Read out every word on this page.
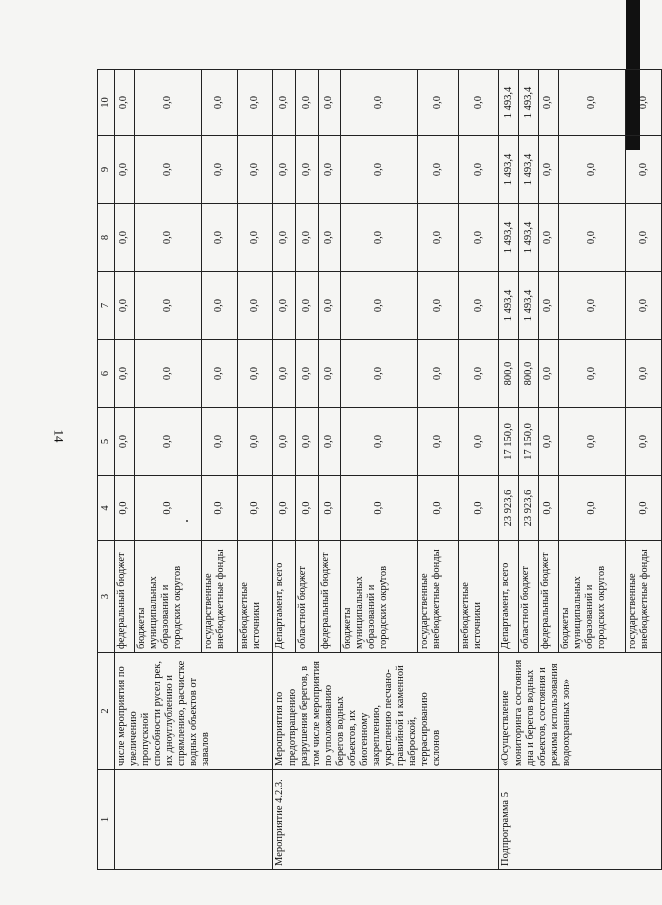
14
1	2	3	4	5	6	7	8	9	10
	числе мероприятия по увеличению пропускной способности русел рек, их дноуглублению и спрямлению, расчистке водных объектов от завалов	федеральный бюджет	0,0	0,0	0,0	0,0	0,0	0,0	0,0
		бюджеты муниципальных образований и городских округов	0,0	0,0	0,0	0,0	0,0	0,0	0,0
		государственные внебюджетные фонды	0,0	0,0	0,0	0,0	0,0	0,0	0,0
		внебюджетные источники	0,0	0,0	0,0	0,0	0,0	0,0	0,0
Мероприятие 4.2.3.	Мероприятия по предотвращению разрушения берегов, в том числе мероприятия по уположиванию берегов водных объектов, их биогенному закреплению, укреплению песчано-гравийной и каменной наброской, террасированию склонов	Департамент, всего	0,0	0,0	0,0	0,0	0,0	0,0	0,0
		областной бюджет	0,0	0,0	0,0	0,0	0,0	0,0	0,0
		федеральный бюджет	0,0	0,0	0,0	0,0	0,0	0,0	0,0
		бюджеты муниципальных образований и городских округов	0,0	0,0	0,0	0,0	0,0	0,0	0,0
		государственные внебюджетные фонды	0,0	0,0	0,0	0,0	0,0	0,0	0,0
		внебюджетные источники	0,0	0,0	0,0	0,0	0,0	0,0	0,0
Подпрограмма 5	«Осуществление мониторинга состояния дна и берегов водных объектов, состояния и режима использования водоохранных зон»	Департамент, всего	23 923,6	17 150,0	800,0	1 493,4	1 493,4	1 493,4	1 493,4
		областной бюджет	23 923,6	17 150,0	800,0	1 493,4	1 493,4	1 493,4	1 493,4
		федеральный бюджет	0,0	0,0	0,0	0,0	0,0	0,0	0,0
		бюджеты муниципальных образований и городских округов	0,0	0,0	0,0	0,0	0,0	0,0	0,0
		государственные внебюджетные фонды	0,0	0,0	0,0	0,0	0,0	0,0	0,0
